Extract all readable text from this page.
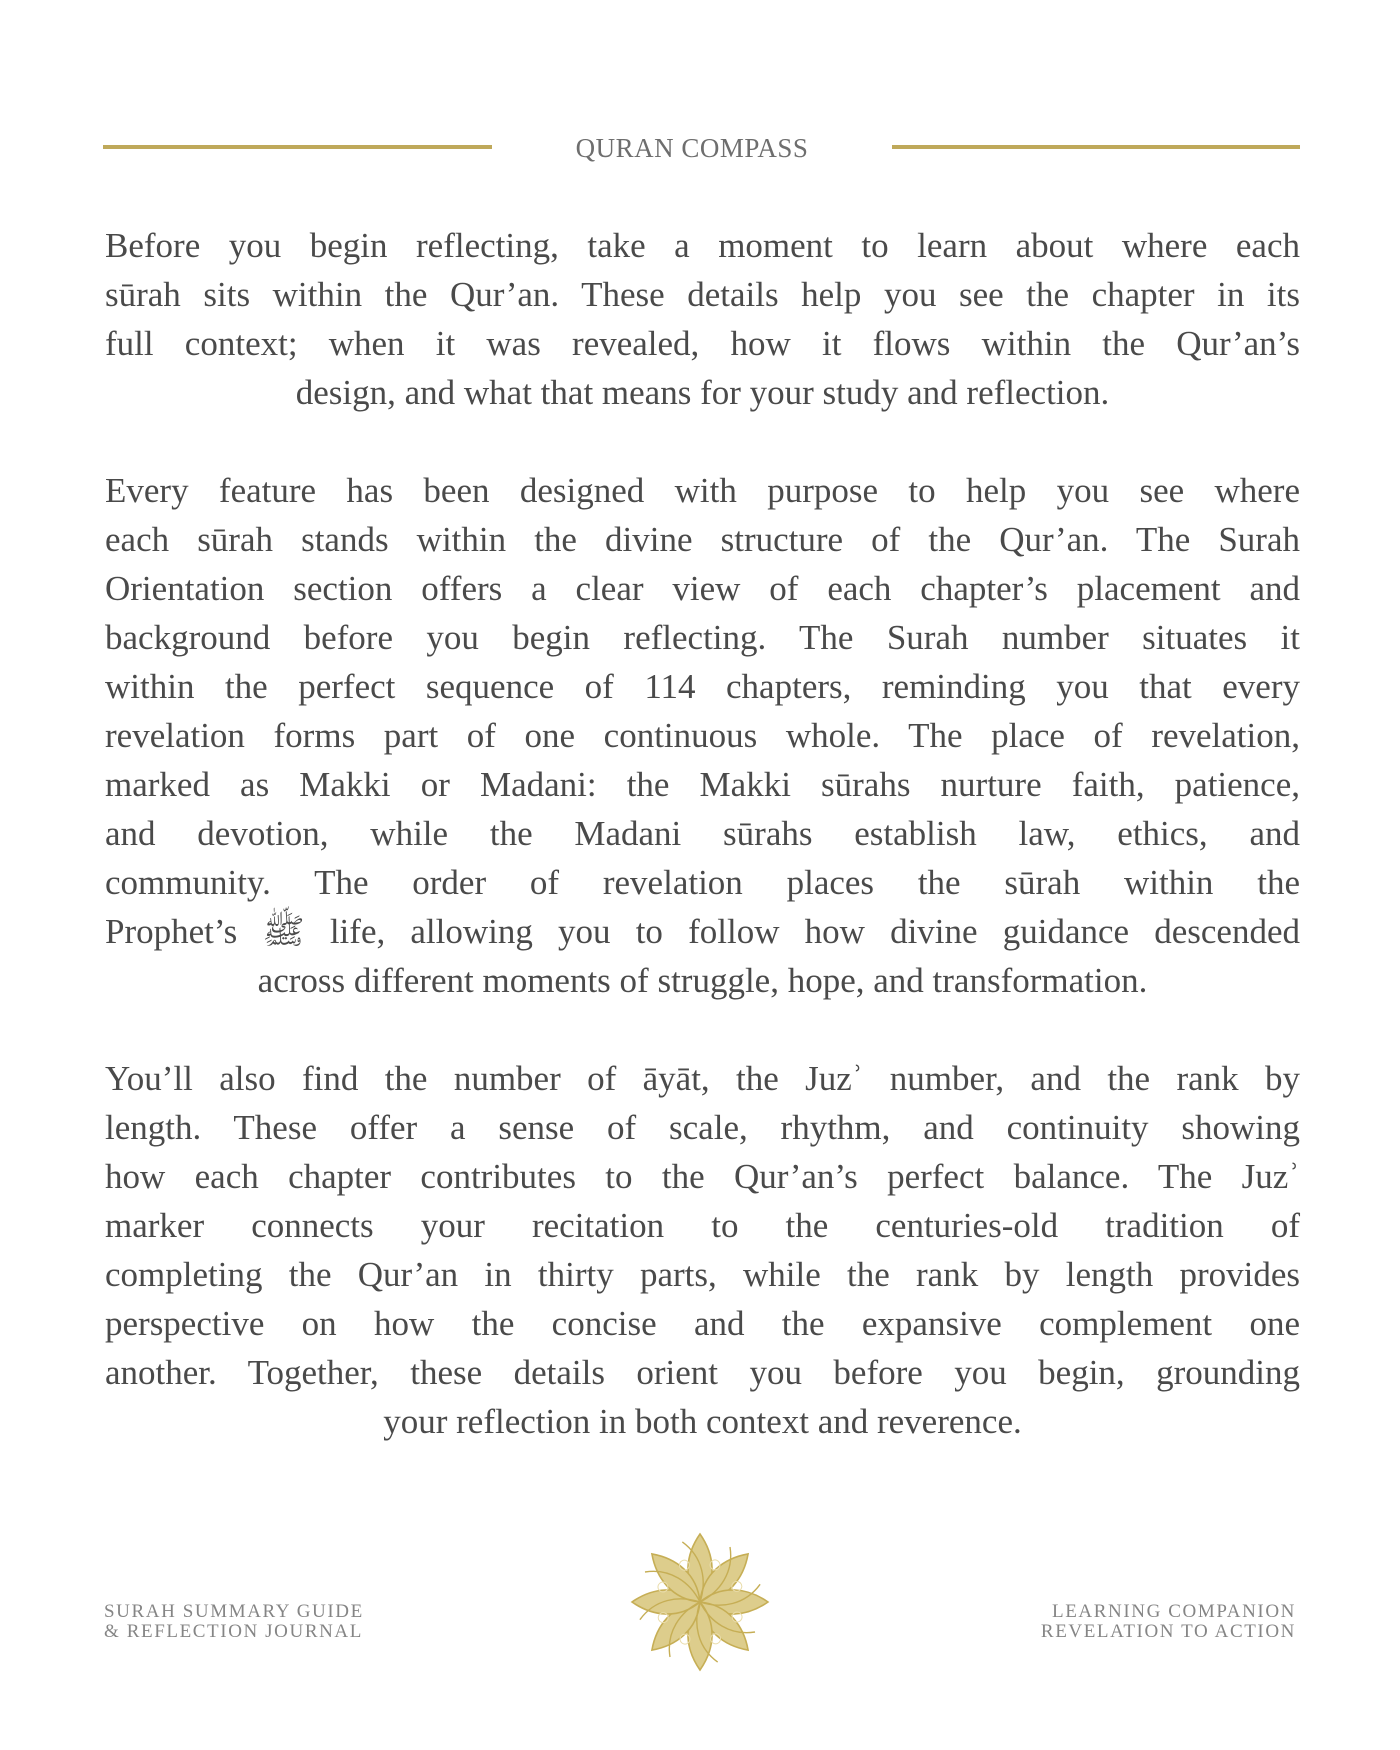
QURAN COMPASS

Before you begin reflecting, take a moment to learn about where each
sūrah sits within the Qur’an. These details help you see the chapter in its
full context; when it was revealed, how it flows within the Qur’an’s
design, and what that means for your study and reflection.

Every feature has been designed with purpose to help you see where
each sūrah stands within the divine structure of the Qur’an. The Surah
Orientation section offers a clear view of each chapter’s placement and
background before you begin reflecting. The Surah number situates it
within the perfect sequence of 114 chapters, reminding you that every
revelation forms part of one continuous whole. The place of revelation,
marked as Makki or Madani: the Makki sūrahs nurture faith, patience,
and devotion, while the Madani sūrahs establish law, ethics, and
community. The order of revelation places the sūrah within the
Prophet’s ﷺ life, allowing you to follow how divine guidance descended
across different moments of struggle, hope, and transformation.

You’ll also find the number of āyāt, the Juzʾ number, and the rank by
length. These offer a sense of scale, rhythm, and continuity showing
how each chapter contributes to the Qur’an’s perfect balance. The Juzʾ
marker connects your recitation to the centuries-old tradition of
completing the Qur’an in thirty parts, while the rank by length provides
perspective on how the concise and the expansive complement one
another. Together, these details orient you before you begin, grounding
your reflection in both context and reverence.

SURAH SUMMARY GUIDE
& REFLECTION JOURNAL
LEARNING COMPANION
REVELATION TO ACTION
